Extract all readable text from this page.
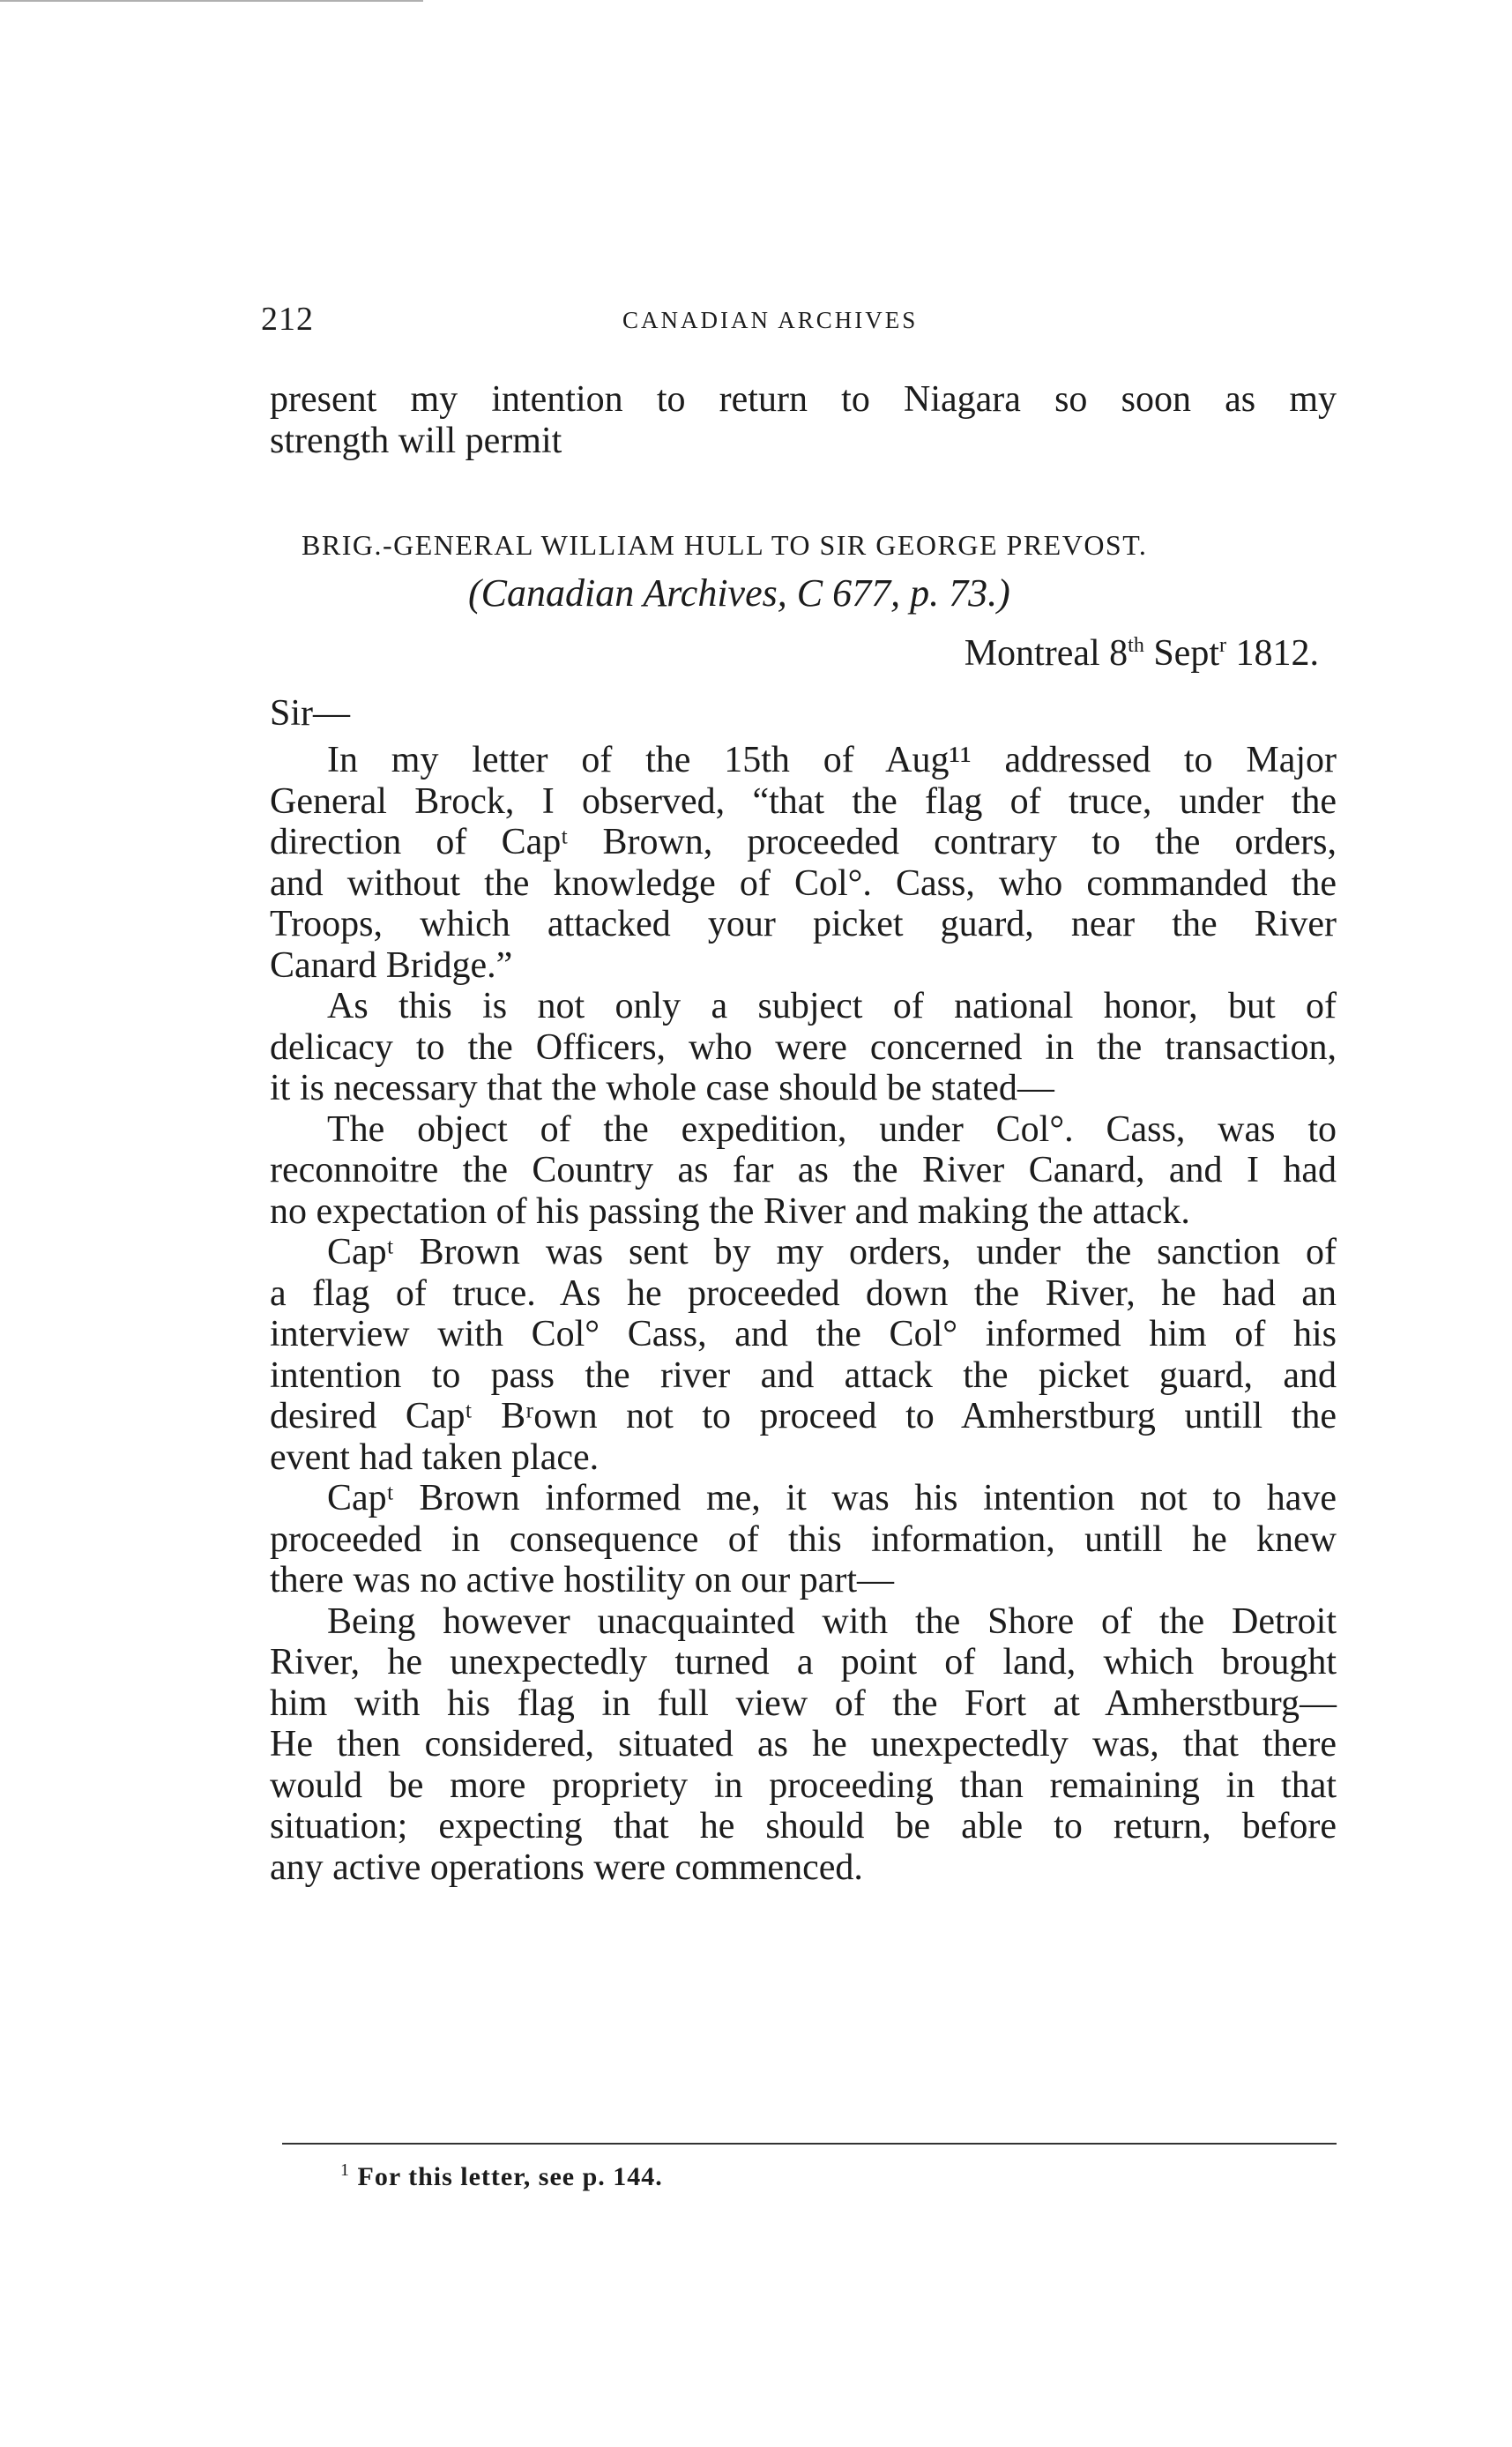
212	CANADIAN ARCHIVES
present my intention to return to Niagara so soon as my
strength will permit
BRIG.-GENERAL WILLIAM HULL TO SIR GEORGE PREVOST.
(Canadian Archives, C 677, p. 73.)
Montreal 8th Sept$^r$ 1812.
Sir—
In my letter of the 15th of Aug¹¹ addressed to Major
General Brock, I observed, “that the flag of truce, under the
direction of Capᵗ Brown, proceeded contrary to the orders,
and without the knowledge of Col°. Cass, who commanded the
Troops, which attacked your picket guard, near the River
Canard Bridge.”
As this is not only a subject of national honor, but of
delicacy to the Officers, who were concerned in the transaction,
it is necessary that the whole case should be stated—
The object of the expedition, under Col°. Cass, was to
reconnoitre the Country as far as the River Canard, and I had
no expectation of his passing the River and making the attack.
Capᵗ Brown was sent by my orders, under the sanction of
a flag of truce. As he proceeded down the River, he had an
interview with Col° Cass, and the Col° informed him of his
intention to pass the river and attack the picket guard, and
desired Capᵗ Bʳown not to proceed to Amherstburg untill the
event had taken place.
Capᵗ Brown informed me, it was his intention not to have
proceeded in consequence of this information, untill he knew
there was no active hostility on our part—
Being however unacquainted with the Shore of the Detroit
River, he unexpectedly turned a point of land, which brought
him with his flag in full view of the Fort at Amherstburg—
He then considered, situated as he unexpectedly was, that there
would be more propriety in proceeding than remaining in that
situation; expecting that he should be able to return, before
any active operations were commenced.
$^1$ For this letter, see p. 144.
